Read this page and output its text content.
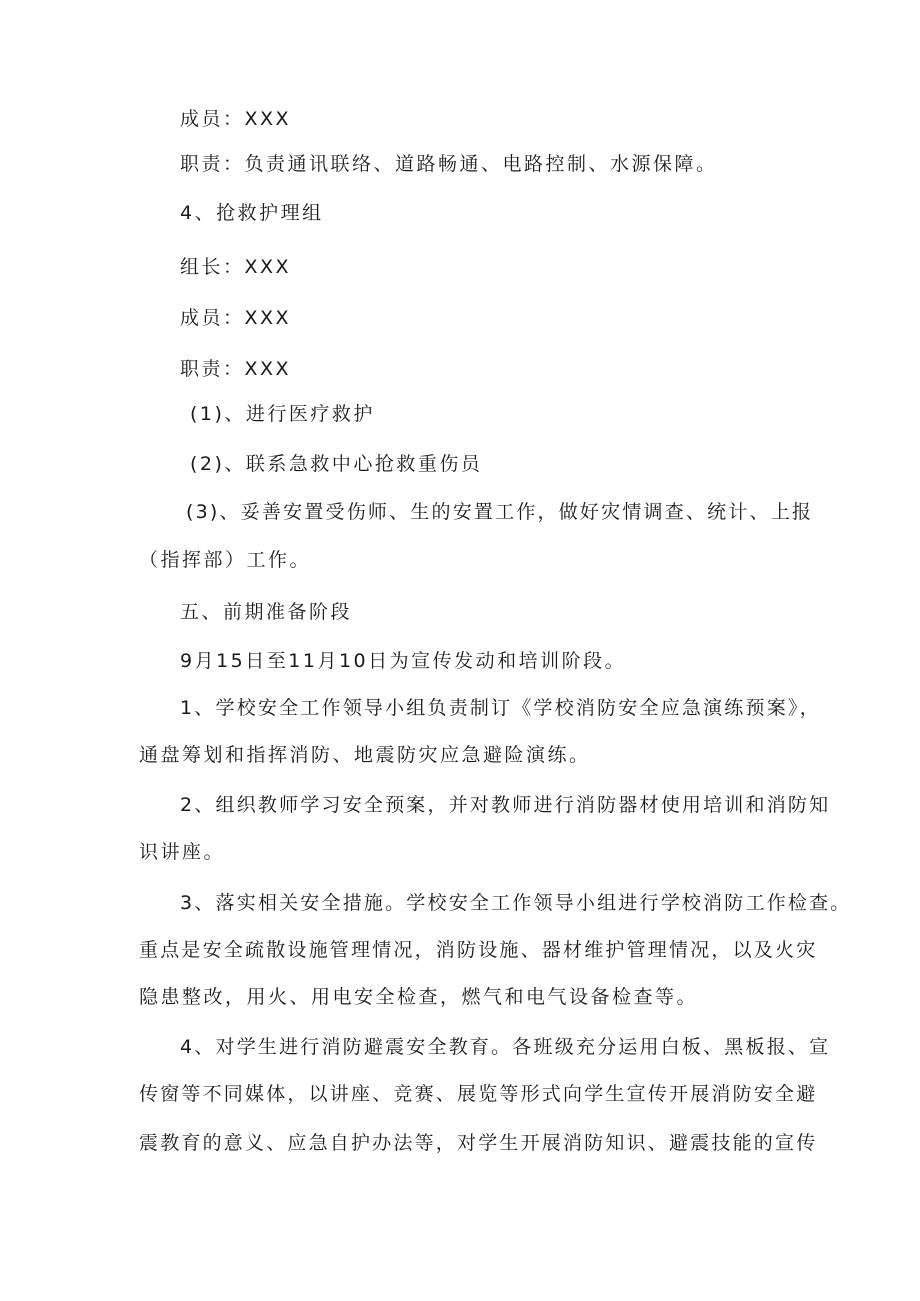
成员：XXX
职责：负责通讯联络、道路畅通、电路控制、水源保障。
4、抢救护理组
组长：XXX
成员：XXX
职责：XXX
(1)、进行医疗救护
(2)、联系急救中心抢救重伤员
(3)、妥善安置受伤师、生的安置工作，做好灾情调查、统计、上报
（指挥部）工作。
五、前期准备阶段
9月15日至11月10日为宣传发动和培训阶段。
1、学校安全工作领导小组负责制订《学校消防安全应急演练预案》，
通盘筹划和指挥消防、地震防灾应急避险演练。
2、组织教师学习安全预案，并对教师进行消防器材使用培训和消防知
识讲座。
3、落实相关安全措施。学校安全工作领导小组进行学校消防工作检查。
重点是安全疏散设施管理情况，消防设施、器材维护管理情况，以及火灾
隐患整改，用火、用电安全检查，燃气和电气设备检查等。
4、对学生进行消防避震安全教育。各班级充分运用白板、黑板报、宣
传窗等不同媒体，以讲座、竞赛、展览等形式向学生宣传开展消防安全避
震教育的意义、应急自护办法等，对学生开展消防知识、避震技能的宣传
